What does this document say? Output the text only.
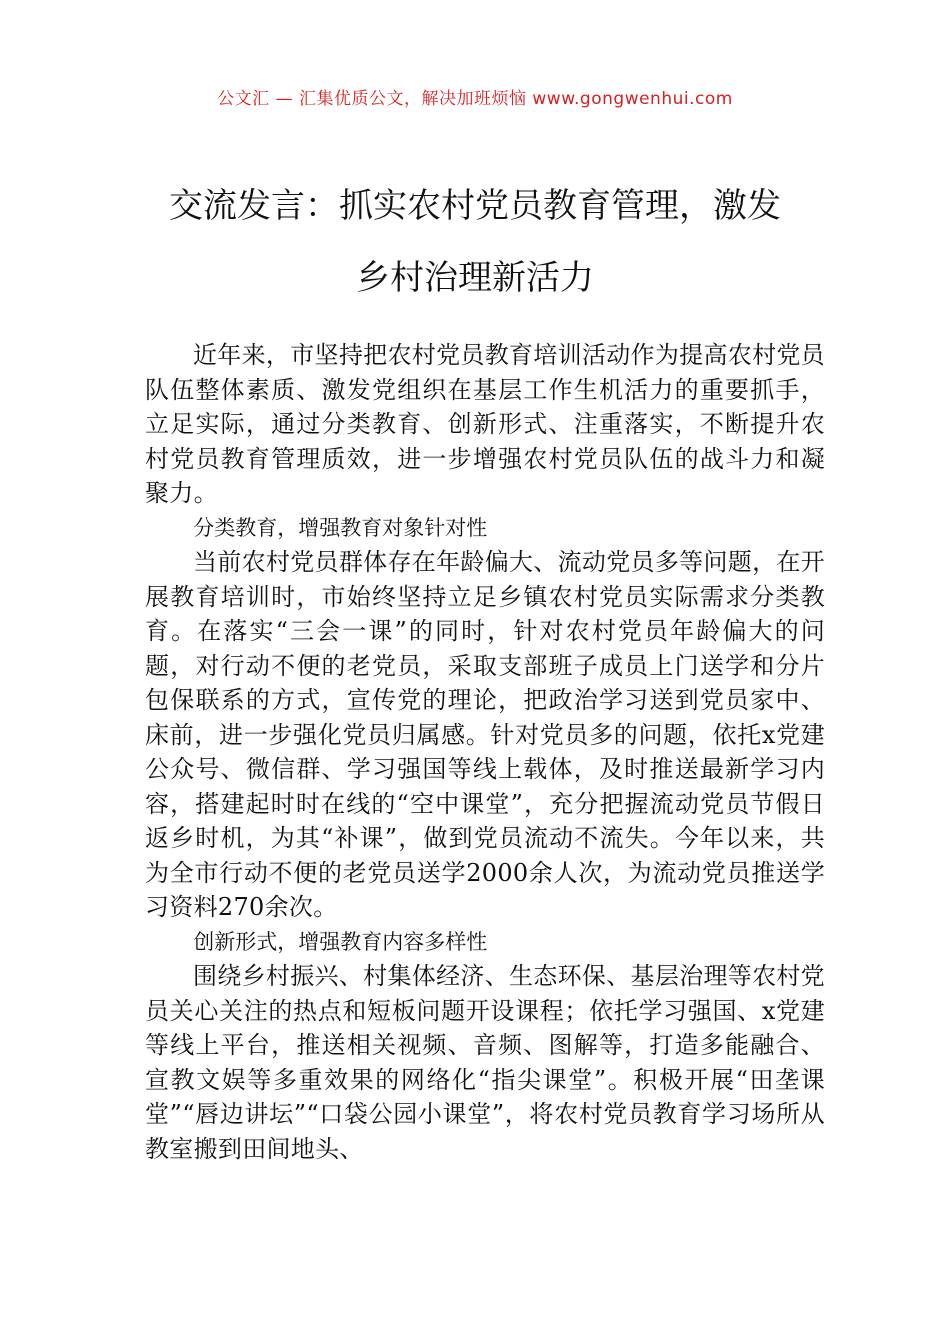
公文汇 — 汇集优质公文，解决加班烦恼 www.gongwenhui.com
交流发言：抓实农村党员教育管理，激发
乡村治理新活力

近年来，市坚持把农村党员教育培训活动作为提高农村党员队伍整体素质、激发党组织在基层工作生机活力的重要抓手，立足实际，通过分类教育、创新形式、注重落实，不断提升农村党员教育管理质效，进一步增强农村党员队伍的战斗力和凝聚力。

分类教育，增强教育对象针对性

当前农村党员群体存在年龄偏大、流动党员多等问题，在开展教育培训时，市始终坚持立足乡镇农村党员实际需求分类教育。在落实“三会一课”的同时，针对农村党员年龄偏大的问题，对行动不便的老党员，采取支部班子成员上门送学和分片包保联系的方式，宣传党的理论，把政治学习送到党员家中、床前，进一步强化党员归属感。针对党员多的问题，依托x党建公众号、微信群、学习强国等线上载体，及时推送最新学习内容，搭建起时时在线的“空中课堂”，充分把握流动党员节假日返乡时机，为其“补课”，做到党员流动不流失。今年以来，共为全市行动不便的老党员送学2000余人次，为流动党员推送学习资料270余次。

创新形式，增强教育内容多样性

围绕乡村振兴、村集体经济、生态环保、基层治理等农村党员关心关注的热点和短板问题开设课程；依托学习强国、x党建等线上平台，推送相关视频、音频、图解等，打造多能融合、宣教文娱等多重效果的网络化“指尖课堂”。积极开展“田垄课堂”“唇边讲坛”“口袋公园小课堂”，将农村党员教育学习场所从教室搬到田间地头、
